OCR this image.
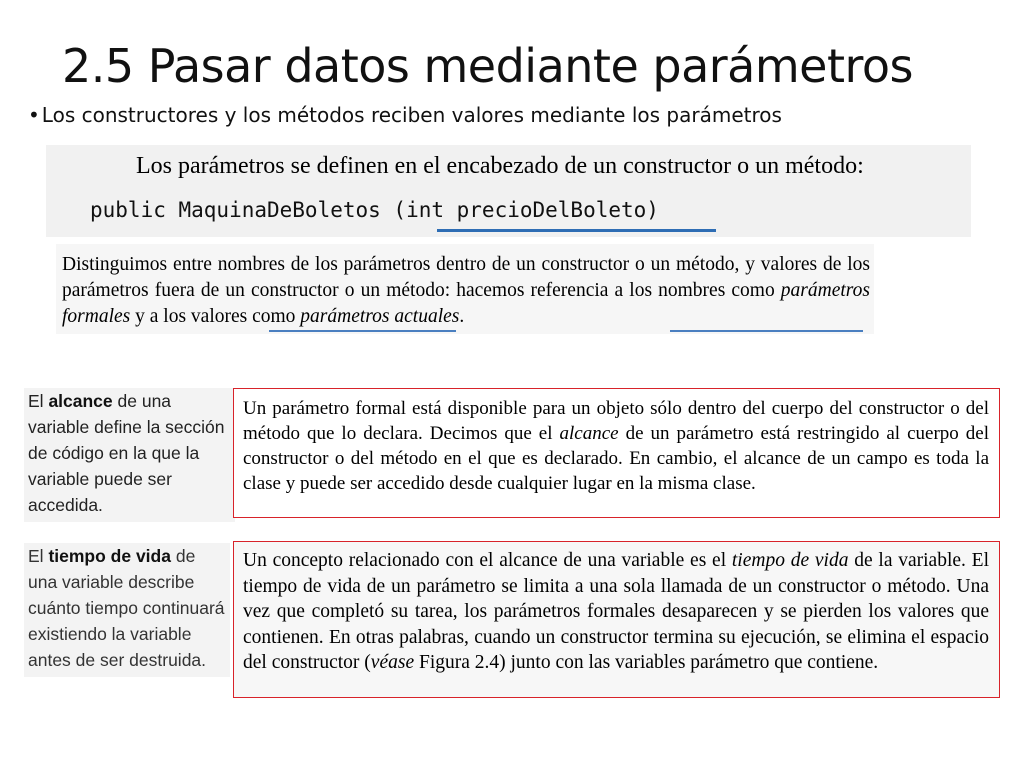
2.5 Pasar datos mediante parámetros
• Los constructores y los métodos reciben valores mediante los parámetros
Los parámetros se definen en el encabezado de un constructor o un método:
public MaquinaDeBoletos (int precioDelBoleto)
Distinguimos entre nombres de los parámetros dentro de un constructor o un método, y valores de los parámetros fuera de un constructor o un método: hacemos referencia a los nombres como parámetros formales y a los valores como parámetros actuales.
El alcance de una variable define la sección de código en la que la variable puede ser accedida.
Un parámetro formal está disponible para un objeto sólo dentro del cuerpo del constructor o del método que lo declara. Decimos que el alcance de un parámetro está restringido al cuerpo del constructor o del método en el que es declarado. En cambio, el alcance de un campo es toda la clase y puede ser accedido desde cualquier lugar en la misma clase.
El tiempo de vida de una variable describe cuánto tiempo continuará existiendo la variable antes de ser destruida.
Un concepto relacionado con el alcance de una variable es el tiempo de vida de la variable. El tiempo de vida de un parámetro se limita a una sola llamada de un constructor o método. Una vez que completó su tarea, los parámetros formales desaparecen y se pierden los valores que contienen. En otras palabras, cuando un constructor termina su ejecución, se elimina el espacio del constructor (véase Figura 2.4) junto con las variables parámetro que contiene.
